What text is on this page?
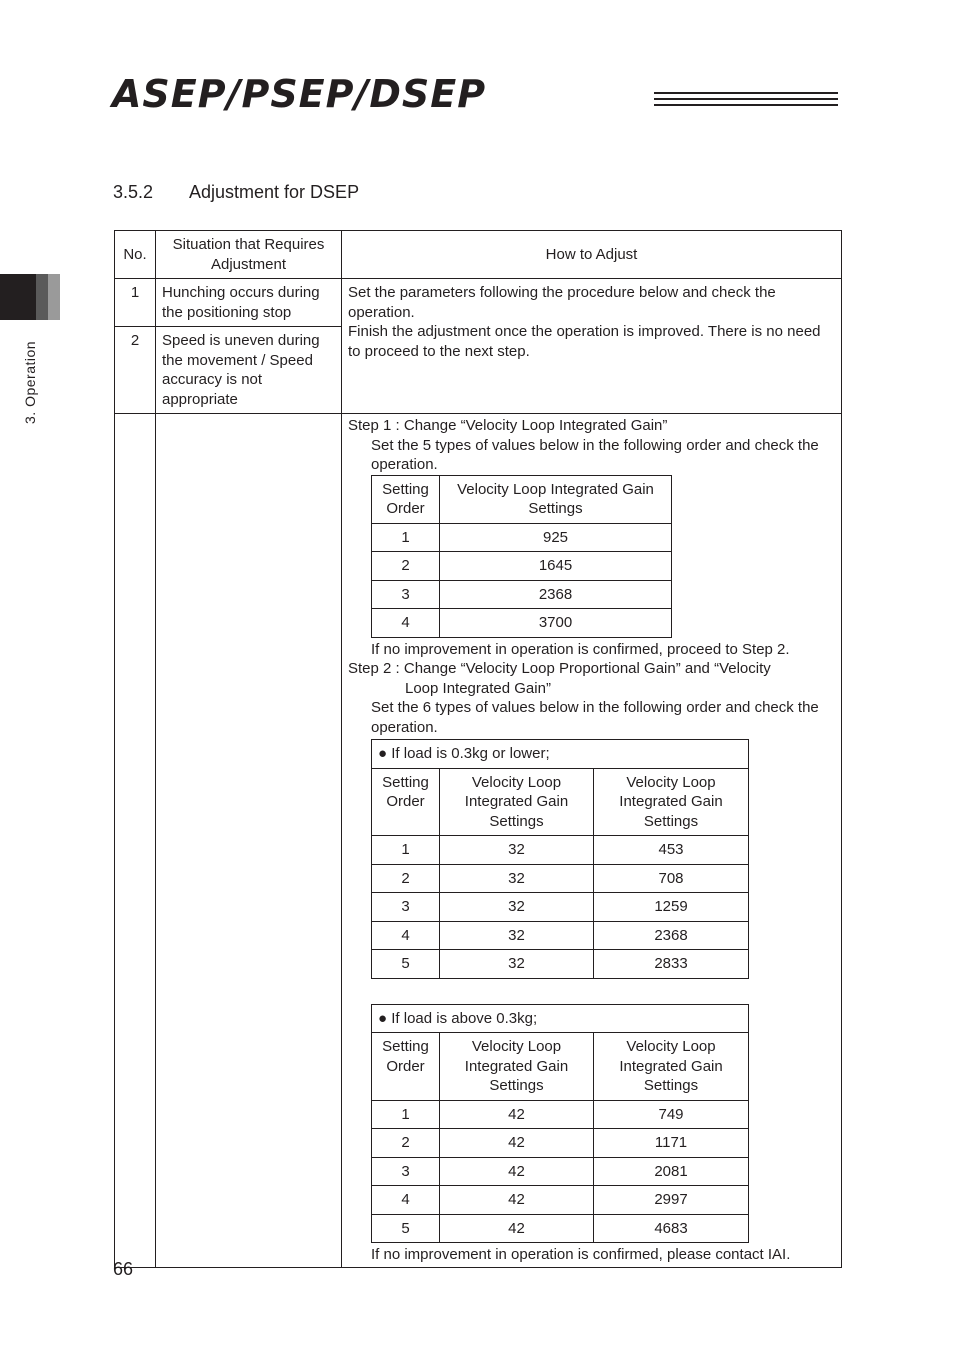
ASEP/PSEP/DSEP
3. Operation
3.5.2 Adjustment for DSEP
No.	Situation that Requires Adjustment	How to Adjust
1	Hunching occurs during the positioning stop	

Set the parameters following the procedure below and check the operation.

Finish the adjustment once the operation is improved. There is no need to proceed to the next step.

2	Speed is uneven during the movement / Speed accuracy is not appropriate

Step 1 : Change “Velocity Loop Integrated Gain”

Set the 5 types of values below in the following order and check the operation.

Setting Order	Velocity Loop Integrated Gain Settings
1	925
2	1645
3	2368
4	3700

If no improvement in operation is confirmed, proceed to Step 2.

Step 2 : Change “Velocity Loop Proportional Gain” and “Velocity

Loop Integrated Gain”

Set the 6 types of values below in the following order and check the operation.

● If load is 0.3kg or lower;
Setting Order	Velocity Loop Integrated Gain Settings	Velocity Loop Integrated Gain Settings
1	32	453
2	32	708
3	32	1259
4	32	2368
5	32	2833
● If load is above 0.3kg;
Setting Order	Velocity Loop Integrated Gain Settings	Velocity Loop Integrated Gain Settings
1	42	749
2	42	1171
3	42	2081
4	42	2997
5	42	4683

If no improvement in operation is confirmed, please contact IAI.

66
